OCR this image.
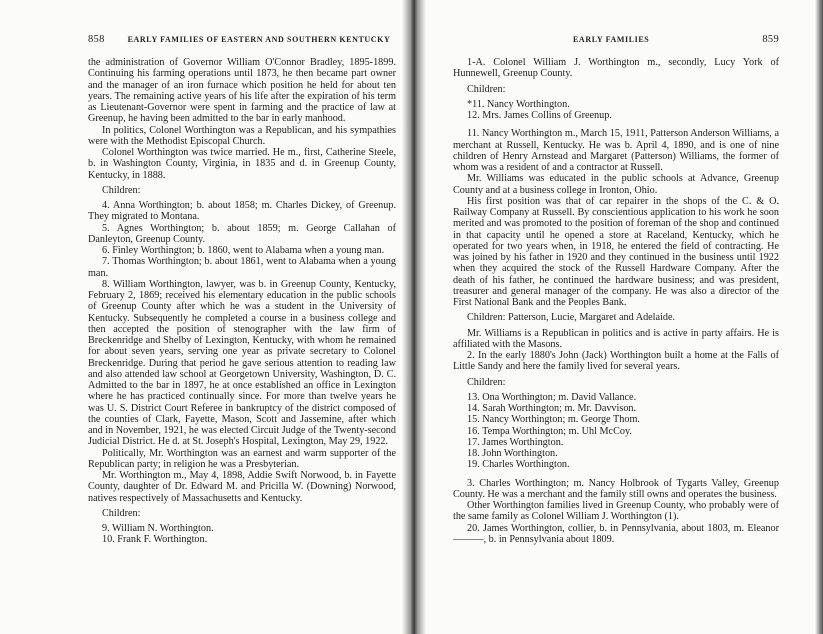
858	EARLY FAMILIES OF EASTERN AND SOUTHERN KENTUCKY

the administration of Governor William O'Connor Bradley, 1895-1899. Continuing his farming operations until 1873, he then became part owner and the manager of an iron furnace which position he held for about ten years. The remaining active years of his life after the expiration of his term as Lieutenant-Governor were spent in farming and the practice of law at Greenup, he having been admitted to the bar in early manhood.

In politics, Colonel Worthington was a Republican, and his sympathies were with the Methodist Episcopal Church.

Colonel Worthington was twice married. He m., first, Catherine Steele, b. in Washington County, Virginia, in 1835 and d. in Greenup County, Kentucky, in 1888.

Children:

4. Anna Worthington; b. about 1858; m. Charles Dickey, of Greenup. They migrated to Montana.

5. Agnes Worthington; b. about 1859; m. George Callahan of Danleyton, Greenup County.

6. Finley Worthington; b. 1860, went to Alabama when a young man.

7. Thomas Worthington; b. about 1861, went to Alabama when a young man.

8. William Worthington, lawyer, was b. in Greenup County, Kentucky, February 2, 1869; received his elementary education in the public schools of Greenup County after which he was a student in the University of Kentucky. Subsequently he completed a course in a business college and then accepted the position of stenographer with the law firm of Breckenridge and Shelby of Lexington, Kentucky, with whom he remained for about seven years, serving one year as private secretary to Colonel Breckenridge. During that period he gave serious attention to reading law and also attended law school at Georgetown University, Washington, D. C. Admitted to the bar in 1897, he at once established an office in Lexington where he has practiced continually since. For more than twelve years he was U. S. District Court Referee in bankruptcy of the district composed of the counties of Clark, Fayette, Mason, Scott and Jassemine, after which and in November, 1921, he was elected Circuit Judge of the Twenty-second Judicial District. He d. at St. Joseph's Hospital, Lexington, May 29, 1922.

Politically, Mr. Worthington was an earnest and warm supporter of the Republican party; in religion he was a Presbyterian.

Mr. Worthington m., May 4, 1898, Addie Swift Norwood, b. in Fayette County, daughter of Dr. Edward M. and Pricilla W. (Downing) Norwood, natives respectively of Massachusetts and Kentucky.

Children:

9. William N. Worthington.

10. Frank F. Worthington.

EARLY FAMILIES	859

1-A. Colonel William J. Worthington m., secondly, Lucy York of Hunnewell, Greenup County.

Children:

*11. Nancy Worthington.

12. Mrs. James Collins of Greenup.

11. Nancy Worthington m., March 15, 1911, Patterson Anderson Williams, a merchant at Russell, Kentucky. He was b. April 4, 1890, and is one of nine children of Henry Arnstead and Margaret (Patterson) Williams, the former of whom was a resident of and a contractor at Russell.

Mr. Williams was educated in the public schools at Advance, Greenup County and at a business college in Ironton, Ohio.

His first position was that of car repairer in the shops of the C. & O. Railway Company at Russell. By conscientious application to his work he soon merited and was promoted to the position of foreman of the shop and continued in that capacity until he opened a store at Raceland, Kentucky, which he operated for two years when, in 1918, he entered the field of contracting. He was joined by his father in 1920 and they continued in the business until 1922 when they acquired the stock of the Russell Hardware Company. After the death of his father, he continued the hardware business; and was president, treasurer and general manager of the company. He was also a director of the First National Bank and the Peoples Bank.

Children: Patterson, Lucie, Margaret and Adelaide.

Mr. Williams is a Republican in politics and is active in party affairs. He is affiliated with the Masons.

2. In the early 1880's John (Jack) Worthington built a home at the Falls of Little Sandy and here the family lived for several years.

Children:

13. Ona Worthington; m. David Vallance.

14. Sarah Worthington; m. Mr. Davvison.

15. Nancy Worthington; m. George Thom.

16. Tempa Worthington; m. Uhl McCoy.

17. James Worthington.

18. John Worthington.

19. Charles Worthington.

3. Charles Worthington; m. Nancy Holbrook of Tygarts Valley, Greenup County. He was a merchant and the family still owns and operates the business.

Other Worthington families lived in Greenup County, who probably were of the same family as Colonel William J. Worthington (1).

20. James Worthington, collier, b. in Pennsylvania, about 1803, m. Eleanor ———, b. in Pennsylvania about 1809.
